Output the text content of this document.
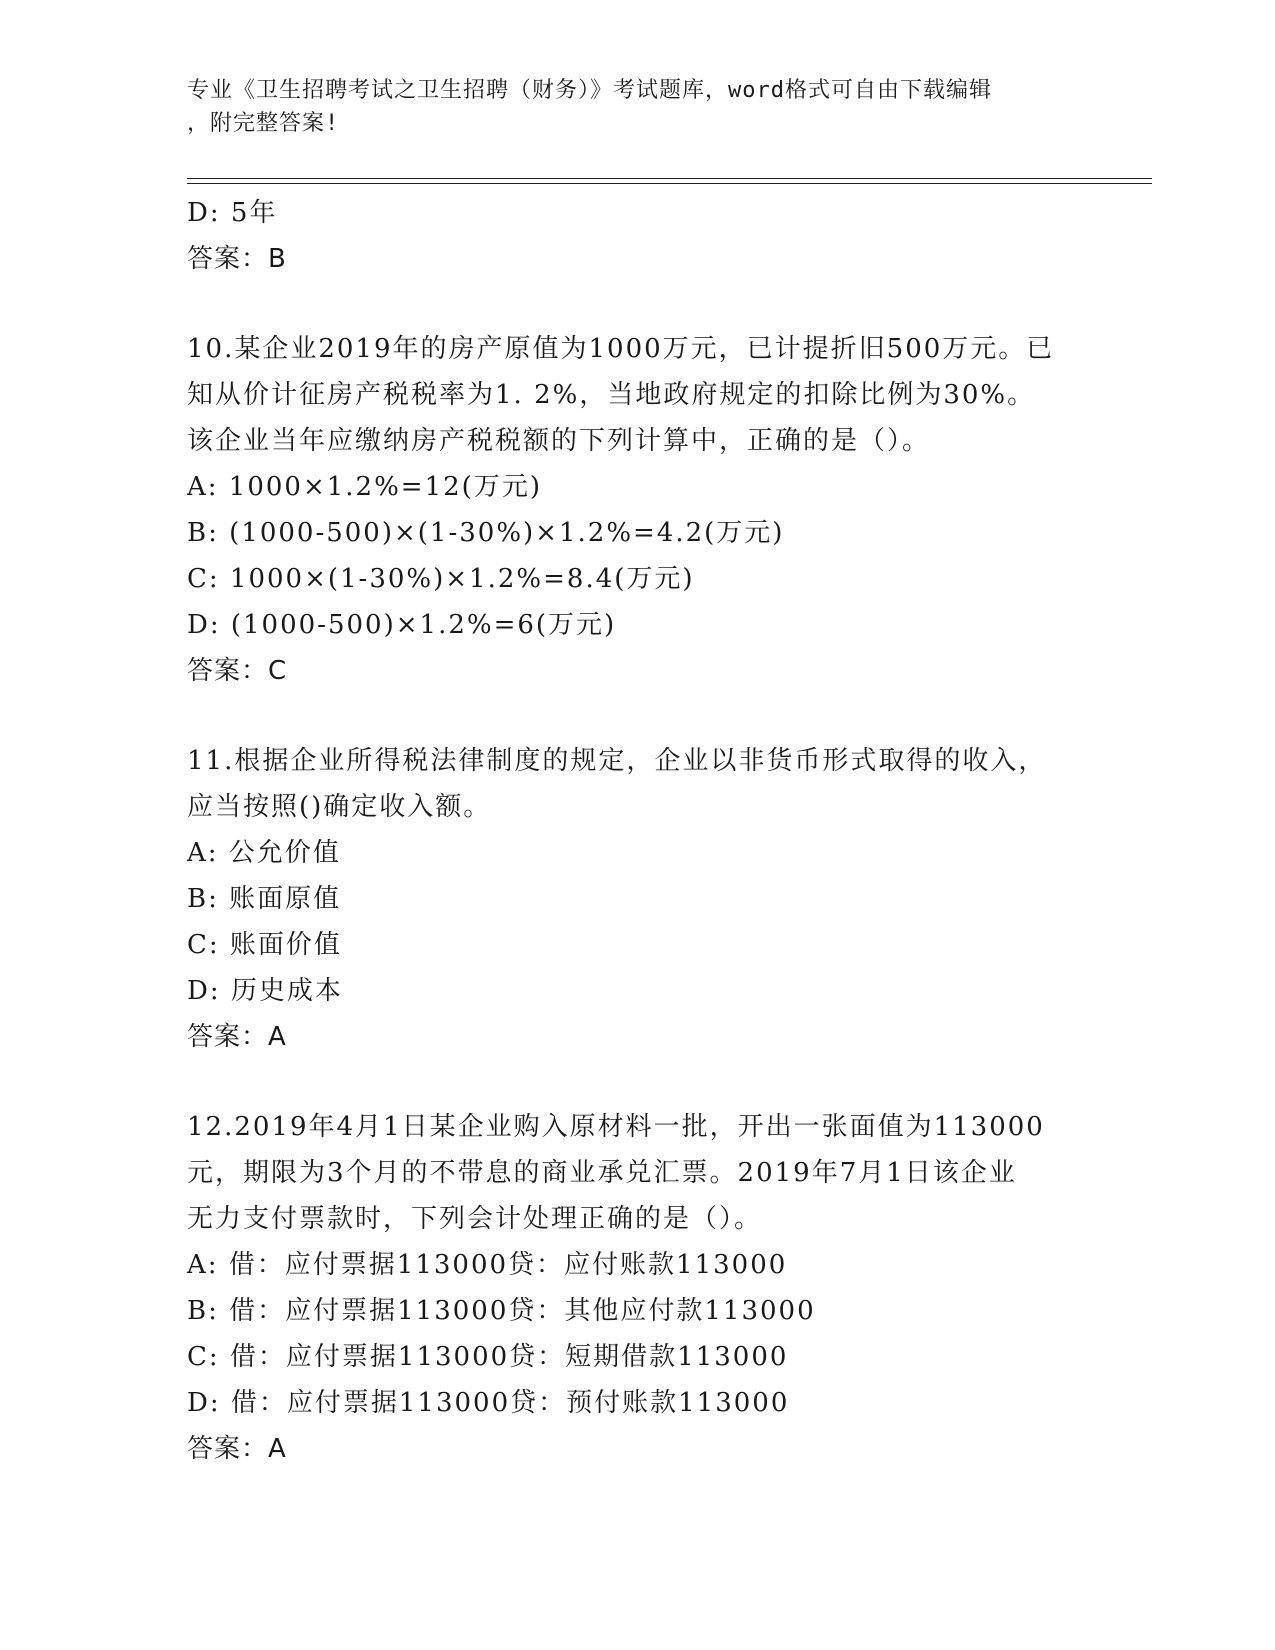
专业《卫生招聘考试之卫生招聘（财务）》考试题库，word格式可自由下载编辑
，附完整答案!
D: 5年
答案：B
10.某企业2019年的房产原值为1000万元，已计提折旧500万元。已
知从价计征房产税税率为1. 2%，当地政府规定的扣除比例为30%。
该企业当年应缴纳房产税税额的下列计算中，正确的是（）。
A: 1000×1.2%=12(万元)
B: (1000-500)×(1-30%)×1.2%=4.2(万元)
C: 1000×(1-30%)×1.2%=8.4(万元)
D: (1000-500)×1.2%=6(万元)
答案：C
11.根据企业所得税法律制度的规定，企业以非货币形式取得的收入，
应当按照()确定收入额。
A: 公允价值
B: 账面原值
C: 账面价值
D: 历史成本
答案：A
12.2019年4月1日某企业购入原材料一批，开出一张面值为113000
元，期限为3个月的不带息的商业承兑汇票。2019年7月1日该企业
无力支付票款时，下列会计处理正确的是（）。
A: 借：应付票据113000贷：应付账款113000
B: 借：应付票据113000贷：其他应付款113000
C: 借：应付票据113000贷：短期借款113000
D: 借：应付票据113000贷：预付账款113000
答案：A
